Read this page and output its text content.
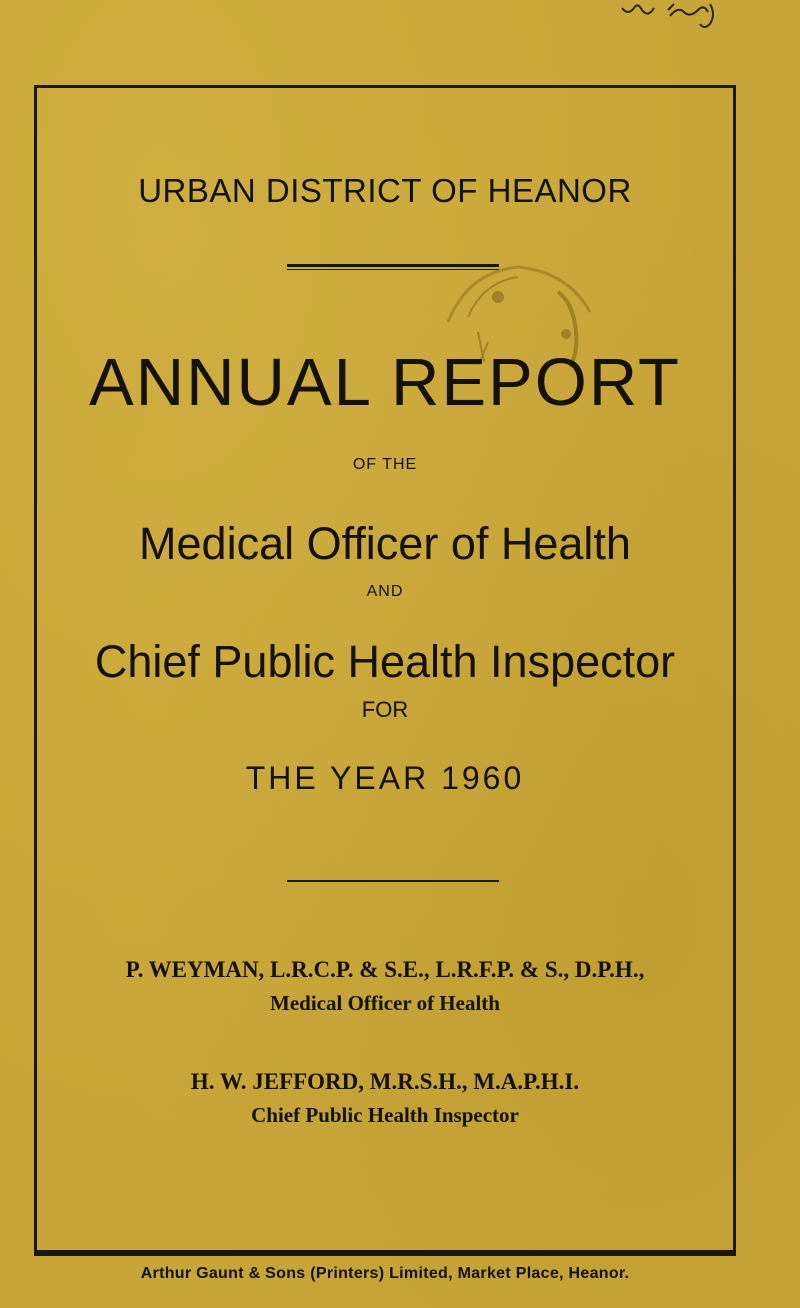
URBAN DISTRICT OF HEANOR
ANNUAL REPORT
OF THE
Medical Officer of Health
AND
Chief Public Health Inspector
FOR
THE YEAR 1960
P. WEYMAN, L.R.C.P. & S.E., L.R.F.P. & S., D.P.H.,
Medical Officer of Health
H. W. JEFFORD, M.R.S.H., M.A.P.H.I.
Chief Public Health Inspector
Arthur Gaunt & Sons (Printers) Limited, Market Place, Heanor.
